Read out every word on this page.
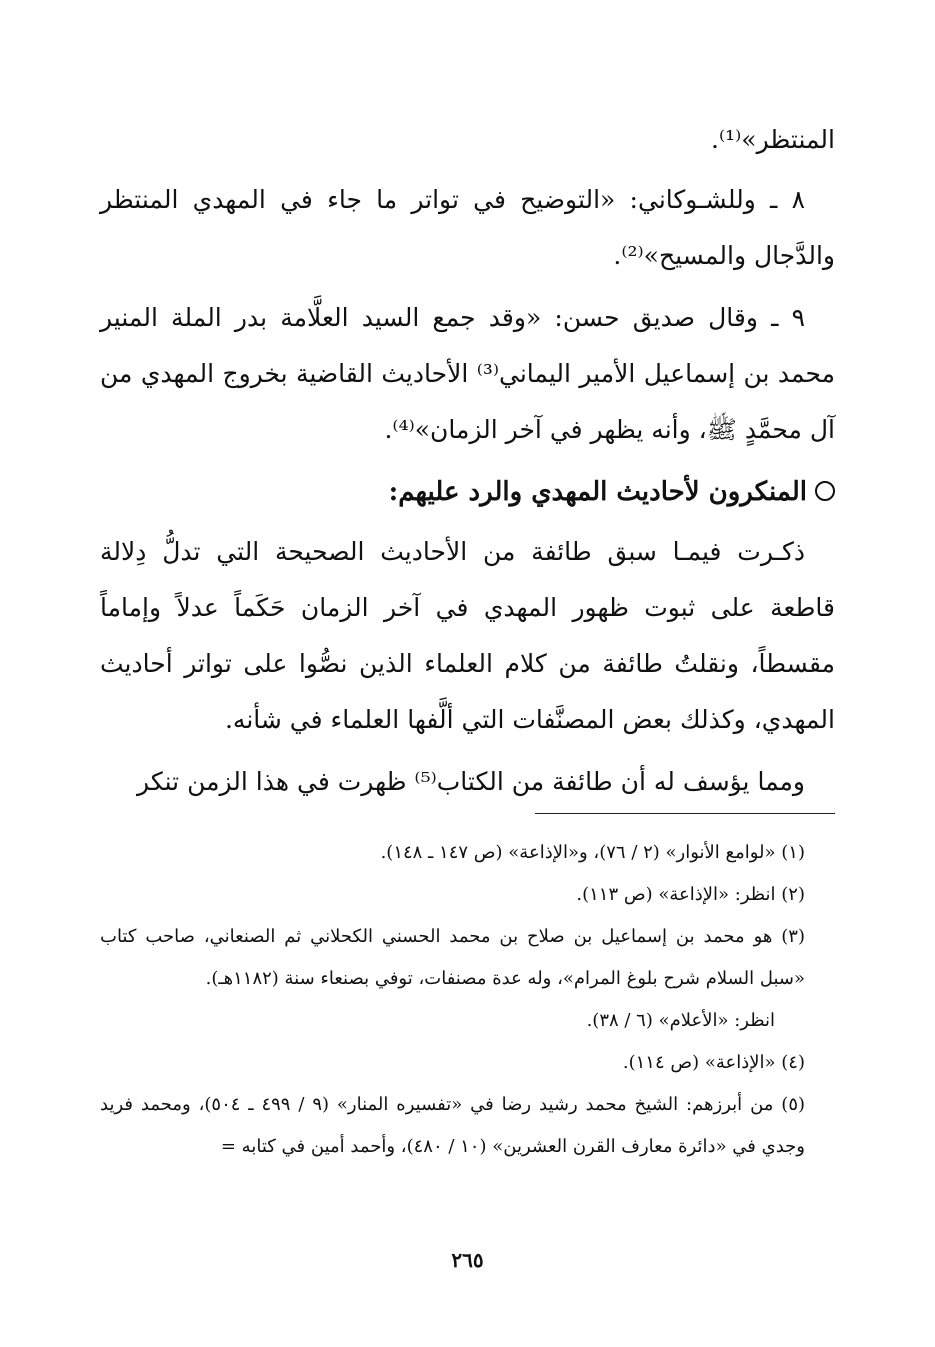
المنتظر»⁽¹⁾.

٨ ـ وللشـوكاني: «التوضيح في تواتر ما جاء في المهدي المنتظر والدَّجال والمسيح»⁽²⁾.

٩ ـ وقال صديق حسن: «وقد جمع السيد العلَّامة بدر الملة المنير محمد بن إسماعيل الأمير اليماني⁽³⁾ الأحاديث القاضية بخروج المهدي من آل محمَّدٍ ﷺ، وأنه يظهر في آخر الزمان»⁽⁴⁾.

المنكرون لأحاديث المهدي والرد عليهم:

ذكـرت فيمـا سبق طائفة من الأحاديث الصحيحة التي تدلُّ دِلالة قاطعة على ثبوت ظهور المهدي في آخر الزمان حَكَماً عدلاً وإماماً مقسطاً، ونقلتُ طائفة من كلام العلماء الذين نصُّوا على تواتر أحاديث المهدي، وكذلك بعض المصنَّفات التي ألَّفها العلماء في شأنه.

ومما يؤسف له أن طائفة من الكتاب⁽⁵⁾ ظهرت في هذا الزمن تنكر

(١) «لوامع الأنوار» (٢ / ٧٦)، و«الإذاعة» (ص ١٤٧ ـ ١٤٨).

(٢) انظر: «الإذاعة» (ص ١١٣).

(٣) هو محمد بن إسماعيل بن صلاح بن محمد الحسني الكحلاني ثم الصنعاني، صاحب كتاب «سبل السلام شرح بلوغ المرام»، وله عدة مصنفات، توفي بصنعاء سنة (١١٨٢هـ).

انظر: «الأعلام» (٦ / ٣٨).

(٤) «الإذاعة» (ص ١١٤).

(٥) من أبرزهم: الشيخ محمد رشيد رضا في «تفسيره المنار» (٩ / ٤٩٩ ـ ٥٠٤)، ومحمد فريد وجدي في «دائرة معارف القرن العشرين» (١٠ / ٤٨٠)، وأحمد أمين في كتابه =

٢٦٥
